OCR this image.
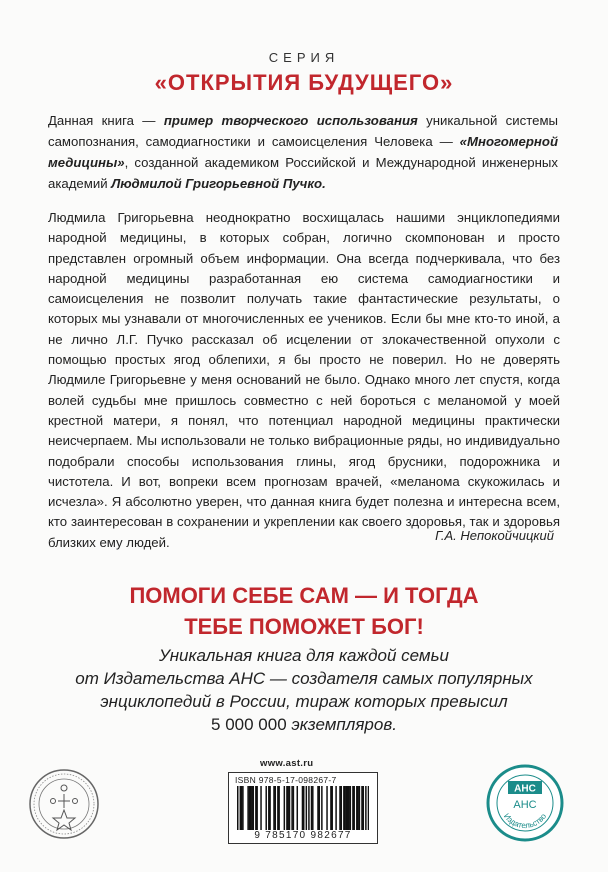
СЕРИЯ
«ОТКРЫТИЯ БУДУЩЕГО»
Данная книга — пример творческого использования уникальной системы самопознания, самодиагностики и самоисцеления Человека — «Многомерной медицины», созданной академиком Российской и Международной инженерных академий Людмилой Григорьевной Пучко.

Людмила Григорьевна неоднократно восхищалась нашими энциклопедиями народной медицины, в которых собран, логично скомпонован и просто представлен огромный объем информации. Она всегда подчеркивала, что без народной медицины разработанная ею система самодиагностики и самоисцеления не позволит получать такие фантастические результаты, о которых мы узнавали от многочисленных ее учеников. Если бы мне кто-то иной, а не лично Л.Г. Пучко рассказал об исцелении от злокачественной опухоли с помощью простых ягод облепихи, я бы просто не поверил. Но не доверять Людмиле Григорьевне у меня оснований не было. Однако много лет спустя, когда волей судьбы мне пришлось совместно с ней бороться с меланомой у моей крестной матери, я понял, что потенциал народной медицины практически неисчерпаем. Мы использовали не только вибрационные ряды, но индивидуально подобрали способы использования глины, ягод брусники, подорожника и чистотела. И вот, вопреки всем прогнозам врачей, «меланома скукожилась и исчезла». Я абсолютно уверен, что данная книга будет полезна и интересна всем, кто заинтересован в сохранении и укреплении как своего здоровья, так и здоровья близких ему людей.	Г.А. Непокойчицкий
ПОМОГИ СЕБЕ САМ — И ТОГДА
ТЕБЕ ПОМОЖЕТ БОГ!
Уникальная книга для каждой семьи
от Издательства АНС — создателя самых популярных
энциклопедий в России, тираж которых превысил
5 000 000 экземпляров.
www.ast.ru
ISBN 978-5-17-098267-7
9 785170 982677
АНС
АНС
Издательство
